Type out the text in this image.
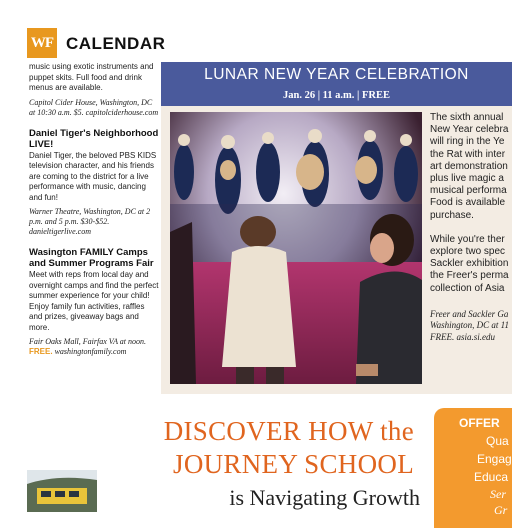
WF CALENDAR

music using exotic instruments and puppet skits. Full food and drink menus are available.

Capitol Cider House, Washington, DC at 10:30 a.m. $5. capitolciderhouse.com

Daniel Tiger's Neighborhood LIVE!

Daniel Tiger, the beloved PBS KIDS television character, and his friends are coming to the district for a live performance with music, dancing and fun!

Warner Theatre, Washington, DC at 2 p.m. and 5 p.m. $30-$52. danieltigerlive.com

Wasington FAMILY Camps and Summer Programs Fair

Meet with reps from local day and overnight camps and find the perfect summer experience for your child! Enjoy family fun activities, raffles and prizes, giveaway bags and more.

Fair Oaks Mall, Fairfax VA at noon.
FREE. washingtonfamily.com

LUNAR NEW YEAR CELEBRATION
Jan. 26 | 11 a.m. | FREE

The sixth annual

New Year celebra

will ring in the Ye

the Rat with inter

art demonstration

plus live magic a

musical performa

Food is available

purchase.

While you're ther

explore two spec

Sackler exhibition

the Freer's perma

collection of Asia

Freer and Sackler Ga

Washington, DC at 11

FREE. asia.si.edu

DISCOVER HOW the
JOURNEY SCHOOL
is Navigating Growth
OFFER
Qua
Engag
Educa
Ser
Gr
